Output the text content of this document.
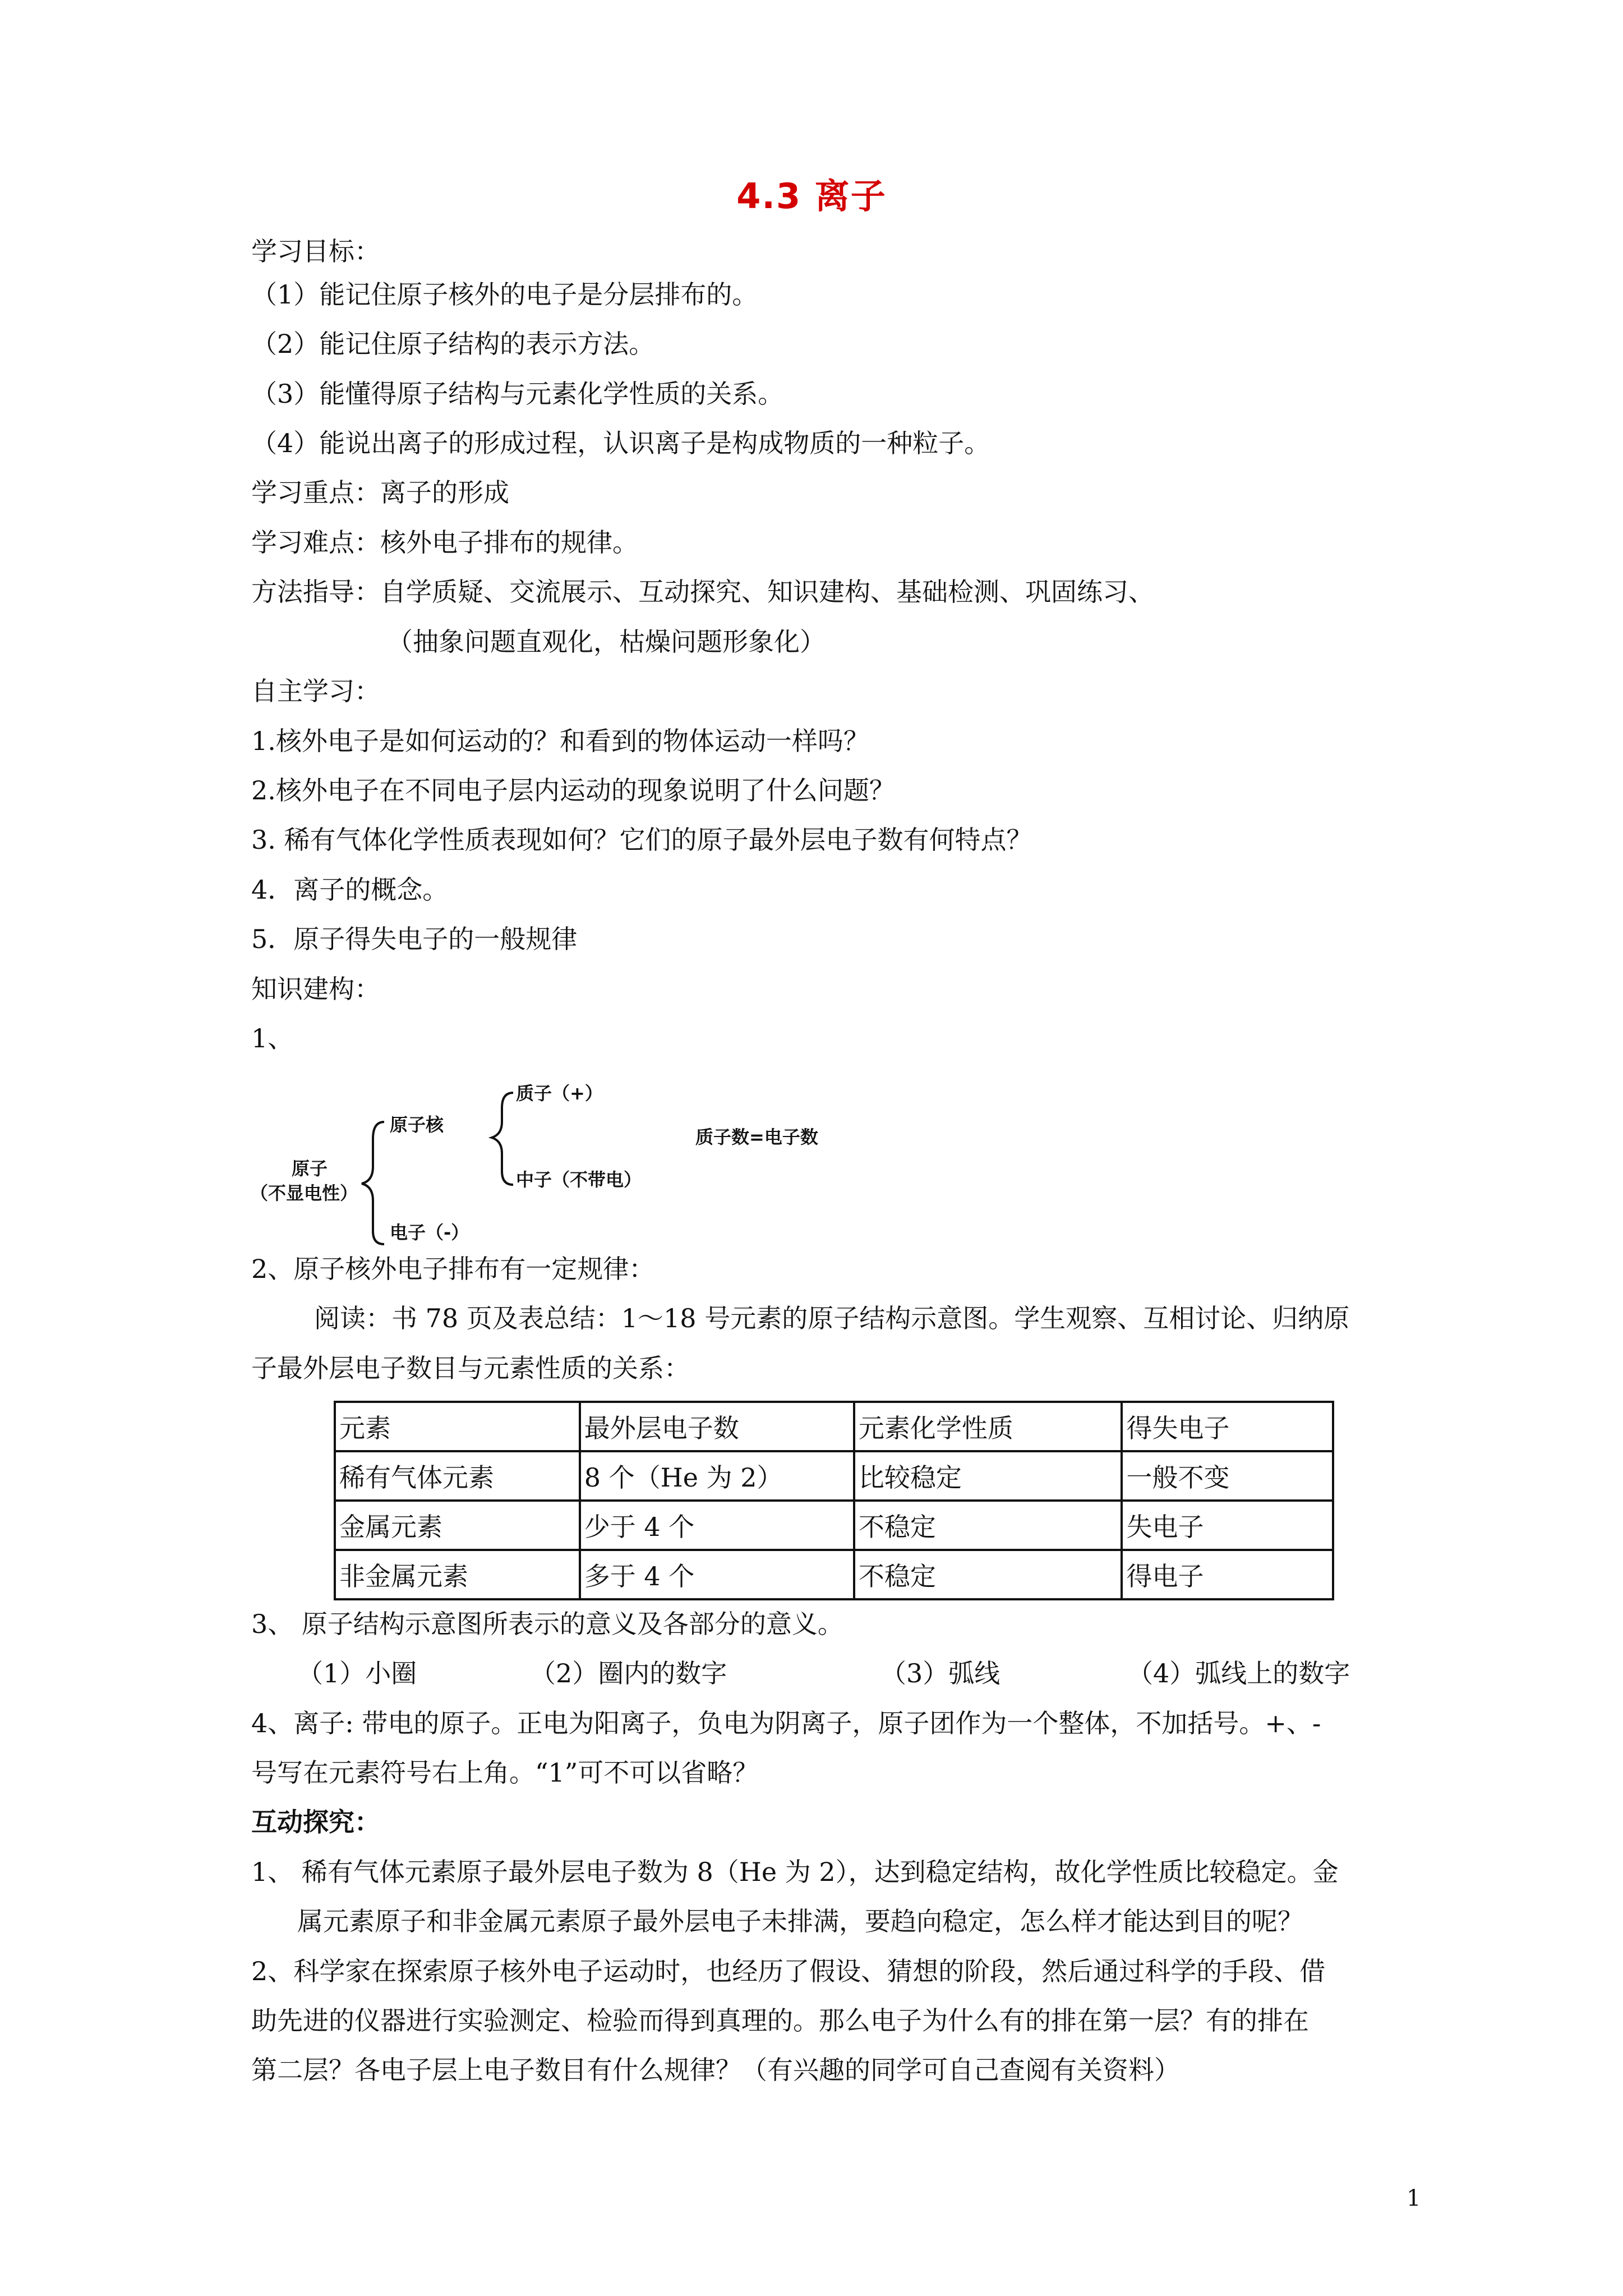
4.3 离子
学习目标：
（1）能记住原子核外的电子是分层排布的。
（2）能记住原子结构的表示方法。
（3）能懂得原子结构与元素化学性质的关系。
（4）能说出离子的形成过程，认识离子是构成物质的一种粒子。
学习重点：离子的形成
学习难点：核外电子排布的规律。
方法指导：自学质疑、交流展示、互动探究、知识建构、基础检测、巩固练习、
（抽象问题直观化，枯燥问题形象化）
自主学习：
1.核外电子是如何运动的？和看到的物体运动一样吗？
2.核外电子在不同电子层内运动的现象说明了什么问题？
3. 稀有气体化学性质表现如何？它们的原子最外层电子数有何特点？
4．离子的概念。
5．原子得失电子的一般规律
知识建构：
1、
原子
（不显电性）
原子核
电子（-）
质子（+）
中子（不带电）
质子数=电子数
2、原子核外电子排布有一定规律：
阅读：书 78 页及表总结：1～18 号元素的原子结构示意图。学生观察、互相讨论、归纳原
子最外层电子数目与元素性质的关系：
元素	最外层电子数	元素化学性质	得失电子
稀有气体元素	8 个（He 为 2）	比较稳定	一般不变
金属元素	少于 4 个	不稳定	失电子
非金属元素	多于 4 个	不稳定	得电子
3、 原子结构示意图所表示的意义及各部分的意义。
（1）小圈	（2）圈内的数字	（3）弧线	（4）弧线上的数字
4、离子: 带电的原子。正电为阳离子，负电为阴离子，原子团作为一个整体，不加括号。+、-
号写在元素符号右上角。“1”可不可以省略？
互动探究：
1、 稀有气体元素原子最外层电子数为 8（He 为 2），达到稳定结构，故化学性质比较稳定。金
属元素原子和非金属元素原子最外层电子未排满，要趋向稳定，怎么样才能达到目的呢？
2、科学家在探索原子核外电子运动时，也经历了假设、猜想的阶段，然后通过科学的手段、借
助先进的仪器进行实验测定、检验而得到真理的。那么电子为什么有的排在第一层？有的排在
第二层？各电子层上电子数目有什么规律？（有兴趣的同学可自己查阅有关资料）
1
